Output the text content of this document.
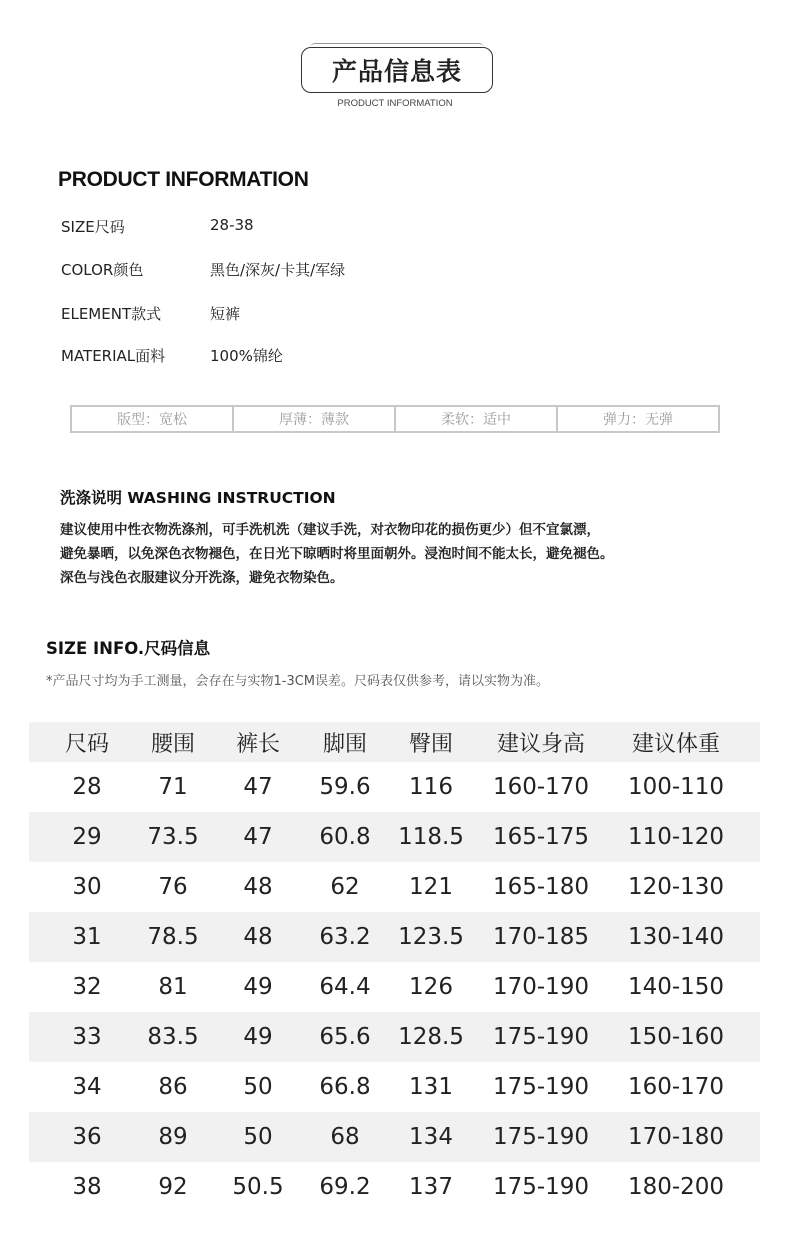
产品信息表
PRODUCT INFORMATION
PRODUCT INFORMATION
SIZE尺码	28-38
COLOR颜色	黑色/深灰/卡其/军绿
ELEMENT款式	短裤
MATERIAL面料	100%锦纶
版型：宽松	厚薄：薄款	柔软：适中	弹力：无弹
洗涤说明 WASHING INSTRUCTION
建议使用中性衣物洗涤剂，可手洗机洗（建议手洗，对衣物印花的损伤更少）但不宜氯漂，
避免暴晒，以免深色衣物褪色，在日光下晾晒时将里面朝外。浸泡时间不能太长，避免褪色。
深色与浅色衣服建议分开洗涤，避免衣物染色。
SIZE INFO.尺码信息
*产品尺寸均为手工测量，会存在与实物1-3CM误差。尺码表仅供参考，请以实物为准。
尺码	腰围	裤长	脚围	臀围	建议身高	建议体重
28	71	47	59.6	116	160-170	100-110
29	73.5	47	60.8	118.5	165-175	110-120
30	76	48	62	121	165-180	120-130
31	78.5	48	63.2	123.5	170-185	130-140
32	81	49	64.4	126	170-190	140-150
33	83.5	49	65.6	128.5	175-190	150-160
34	86	50	66.8	131	175-190	160-170
36	89	50	68	134	175-190	170-180
38	92	50.5	69.2	137	175-190	180-200
